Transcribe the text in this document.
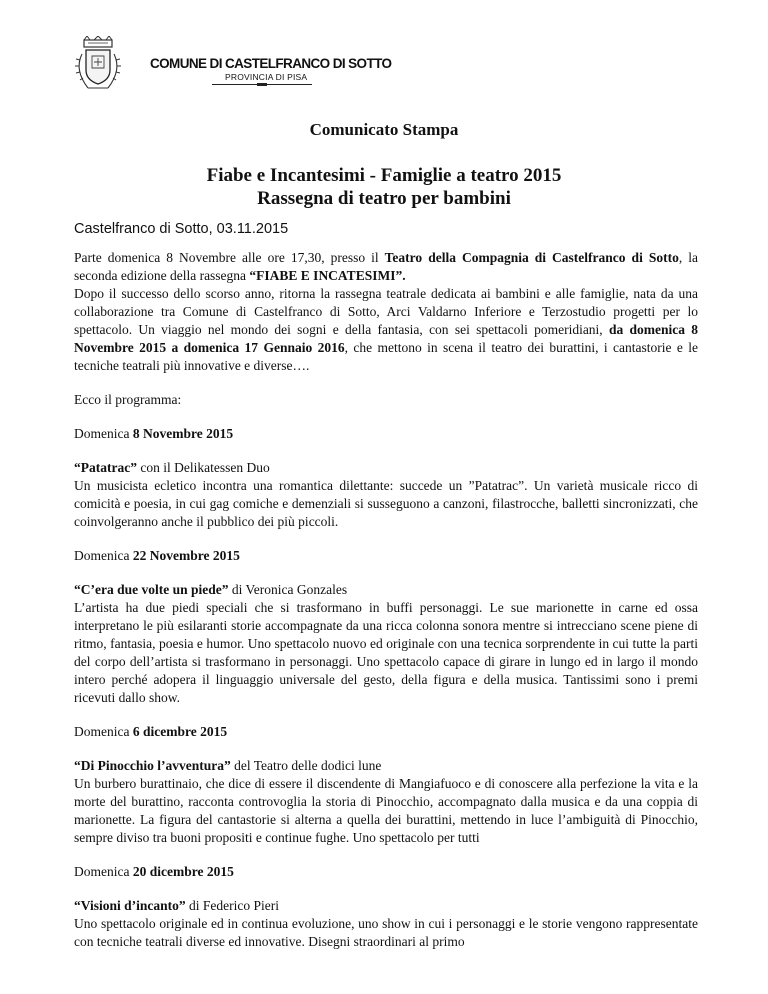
COMUNE DI CASTELFRANCO DI SOTTO
PROVINCIA DI PISA
Comunicato Stampa
Fiabe e Incantesimi - Famiglie a teatro 2015
Rassegna di teatro per bambini
Castelfranco di Sotto, 03.11.2015

Parte domenica 8 Novembre alle ore 17,30, presso il Teatro della Compagnia di Castelfranco di Sotto, la seconda edizione della rassegna “FIABE E INCATESIMI”.

Dopo il successo dello scorso anno, ritorna la rassegna teatrale dedicata ai bambini e alle famiglie, nata da una collaborazione tra Comune di Castelfranco di Sotto, Arci Valdarno Inferiore e Terzostudio progetti per lo spettacolo. Un viaggio nel mondo dei sogni e della fantasia, con sei spettacoli pomeridiani, da domenica 8 Novembre 2015 a domenica 17 Gennaio 2016, che mettono in scena il teatro dei burattini, i cantastorie e le tecniche teatrali più innovative e diverse….

Ecco il programma:

Domenica 8 Novembre 2015

“Patatrac” con il Delikatessen Duo
Un musicista ecletico incontra una romantica dilettante: succede un ”Patatrac”. Un varietà musicale ricco di comicità e poesia, in cui gag comiche e demenziali si susseguono a canzoni, filastrocche, balletti sincronizzati, che coinvolgeranno anche il pubblico dei più piccoli.

Domenica 22 Novembre 2015

“C’era due volte un piede” di Veronica Gonzales
L’artista ha due piedi speciali che si trasformano in buffi personaggi. Le sue marionette in carne ed ossa interpretano le più esilaranti storie accompagnate da una ricca colonna sonora mentre si intrecciano scene piene di ritmo, fantasia, poesia e humor. Uno spettacolo nuovo ed originale con una tecnica sorprendente in cui tutte la parti del corpo dell’artista si trasformano in personaggi. Uno spettacolo capace di girare in lungo ed in largo il mondo intero perché adopera il linguaggio universale del gesto, della figura e della musica. Tantissimi sono i premi ricevuti dallo show.

Domenica 6 dicembre 2015

“Di Pinocchio l’avventura” del Teatro delle dodici lune
Un burbero burattinaio, che dice di essere il discendente di Mangiafuoco e di conoscere alla perfezione la vita e la morte del burattino, racconta controvoglia la storia di Pinocchio, accompagnato dalla musica e da una coppia di marionette. La figura del cantastorie si alterna a quella dei burattini, mettendo in luce l’ambiguità di Pinocchio, sempre diviso tra buoni propositi e continue fughe. Uno spettacolo per tutti

Domenica 20 dicembre 2015

“Visioni d’incanto” di Federico Pieri
Uno spettacolo originale ed in continua evoluzione, uno show in cui i personaggi e le storie vengono rappresentate con tecniche teatrali diverse ed innovative. Disegni straordinari al primo
